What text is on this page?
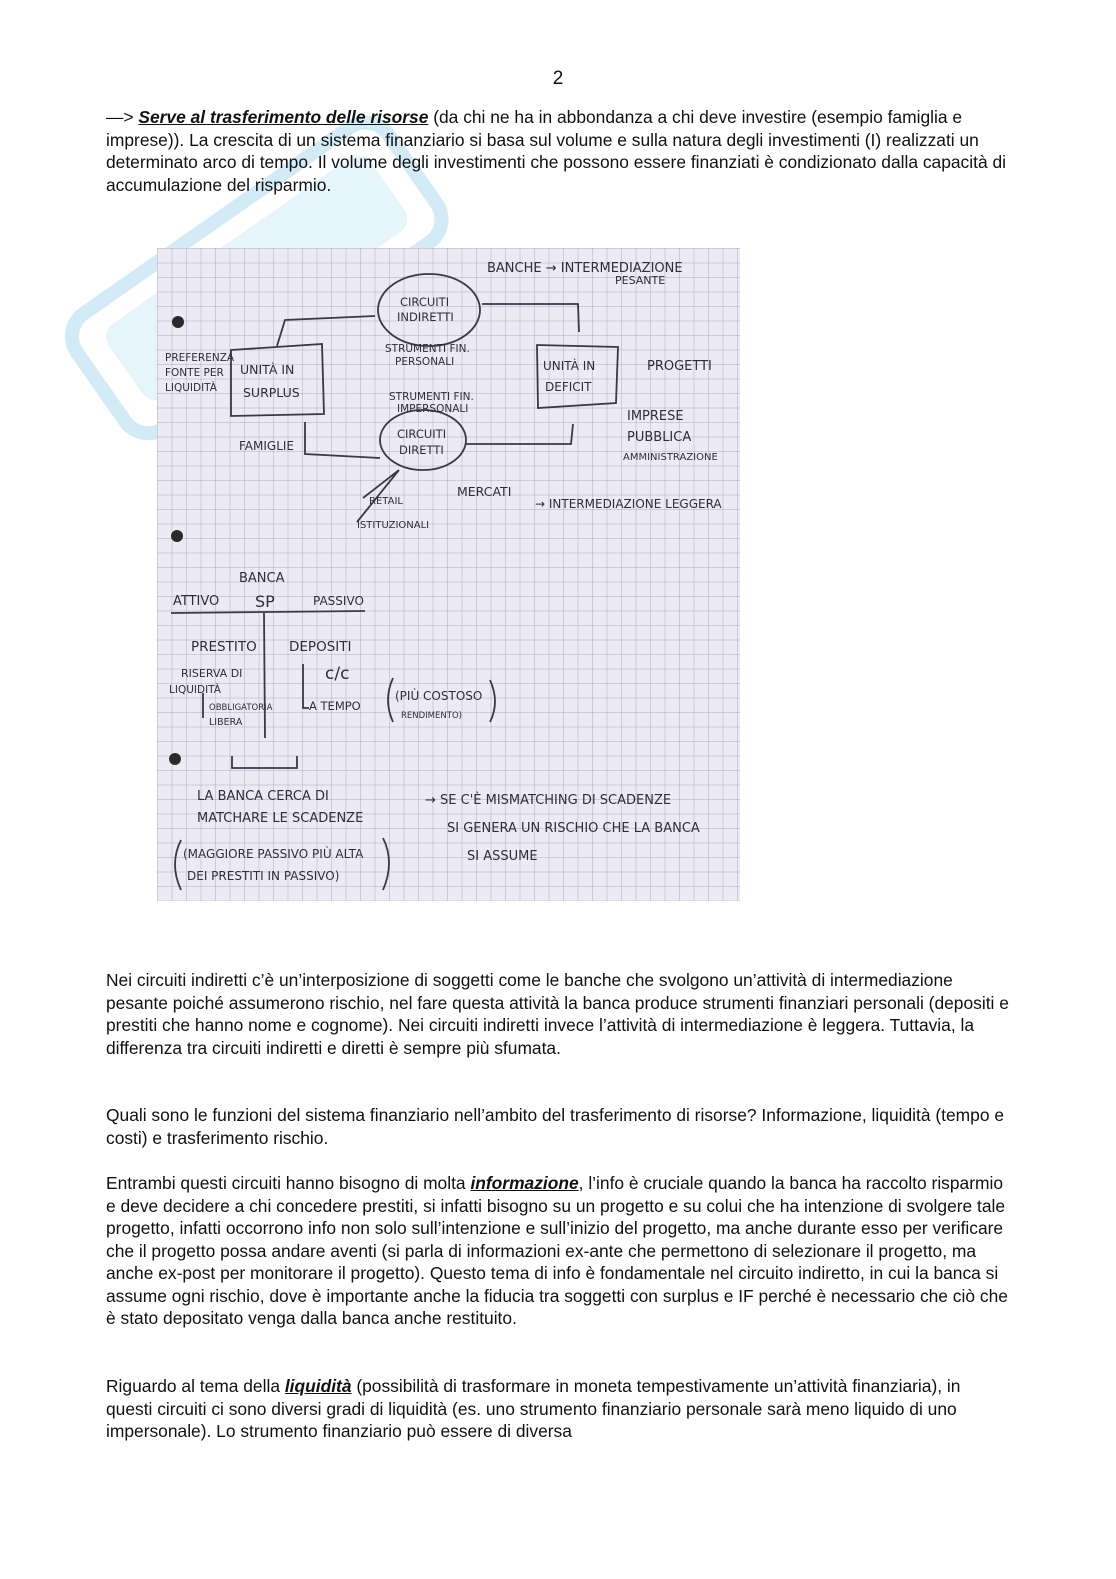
2

—> Serve al trasferimento delle risorse (da chi ne ha in abbondanza a chi deve investire (esempio famiglia e imprese)). La crescita di un sistema finanziario si basa sul volume e sulla natura degli investimenti (I) realizzati un determinato arco di tempo. Il volume degli investimenti che possono essere finanziati è condizionato dalla capacità di accumulazione del risparmio.

BANCHE → INTERMEDIAZIONE
PESANTE
CIRCUITI
INDIRETTI
PREFERENZA
FONTE PER
LIQUIDITÀ
UNITÀ IN
SURPLUS
STRUMENTI FIN.
PERSONALI
STRUMENTI FIN.
IMPERSONALI
UNITÀ IN
DEFICIT
PROGETTI
IMPRESE
PUBBLICA
AMMINISTRAZIONE
FAMIGLIE
CIRCUITI
DIRETTI
RETAIL
ISTITUZIONALI
MERCATI
→ INTERMEDIAZIONE LEGGERA
BANCA
ATTIVO SP	PASSIVO
PRESTITO
RISERVA DI
LIQUIDITÀ
OBBLIGATORIA
LIBERA
DEPOSITI
c/c
A TEMPO
(PIÙ COSTOSO
RENDIMENTO)
LA BANCA CERCA DI
MATCHARE LE SCADENZE
(MAGGIORE PASSIVO PIÙ ALTA
DEI PRESTITI IN PASSIVO)
→ SE C'È MISMATCHING DI SCADENZE
SI GENERA UN RISCHIO CHE LA BANCA
SI ASSUME

Nei circuiti indiretti c’è un’interposizione di soggetti come le banche che svolgono un’attività di intermediazione pesante poiché assumerono rischio, nel fare questa attività la banca produce strumenti finanziari personali (depositi e prestiti che hanno nome e cognome). Nei circuiti indiretti invece l’attività di intermediazione è leggera. Tuttavia, la differenza tra circuiti indiretti e diretti è sempre più sfumata.

Quali sono le funzioni del sistema finanziario nell’ambito del trasferimento di risorse? Informazione, liquidità (tempo e costi) e trasferimento rischio.

Entrambi questi circuiti hanno bisogno di molta informazione, l’info è cruciale quando la banca ha raccolto risparmio e deve decidere a chi concedere prestiti, si infatti bisogno su un progetto e su colui che ha intenzione di svolgere tale progetto, infatti occorrono info non solo sull’intenzione e sull’inizio del progetto, ma anche durante esso per verificare che il progetto possa andare aventi (si parla di informazioni ex-ante che permettono di selezionare il progetto, ma anche ex-post per monitorare il progetto). Questo tema di info è fondamentale nel circuito indiretto, in cui la banca si assume ogni rischio, dove è importante anche la fiducia tra soggetti con surplus e IF perché è necessario che ciò che è stato depositato venga dalla banca anche restituito.

Riguardo al tema della liquidità (possibilità di trasformare in moneta tempestivamente un’attività finanziaria), in questi circuiti ci sono diversi gradi di liquidità (es. uno strumento finanziario personale sarà meno liquido di uno impersonale). Lo strumento finanziario può essere di diversa
